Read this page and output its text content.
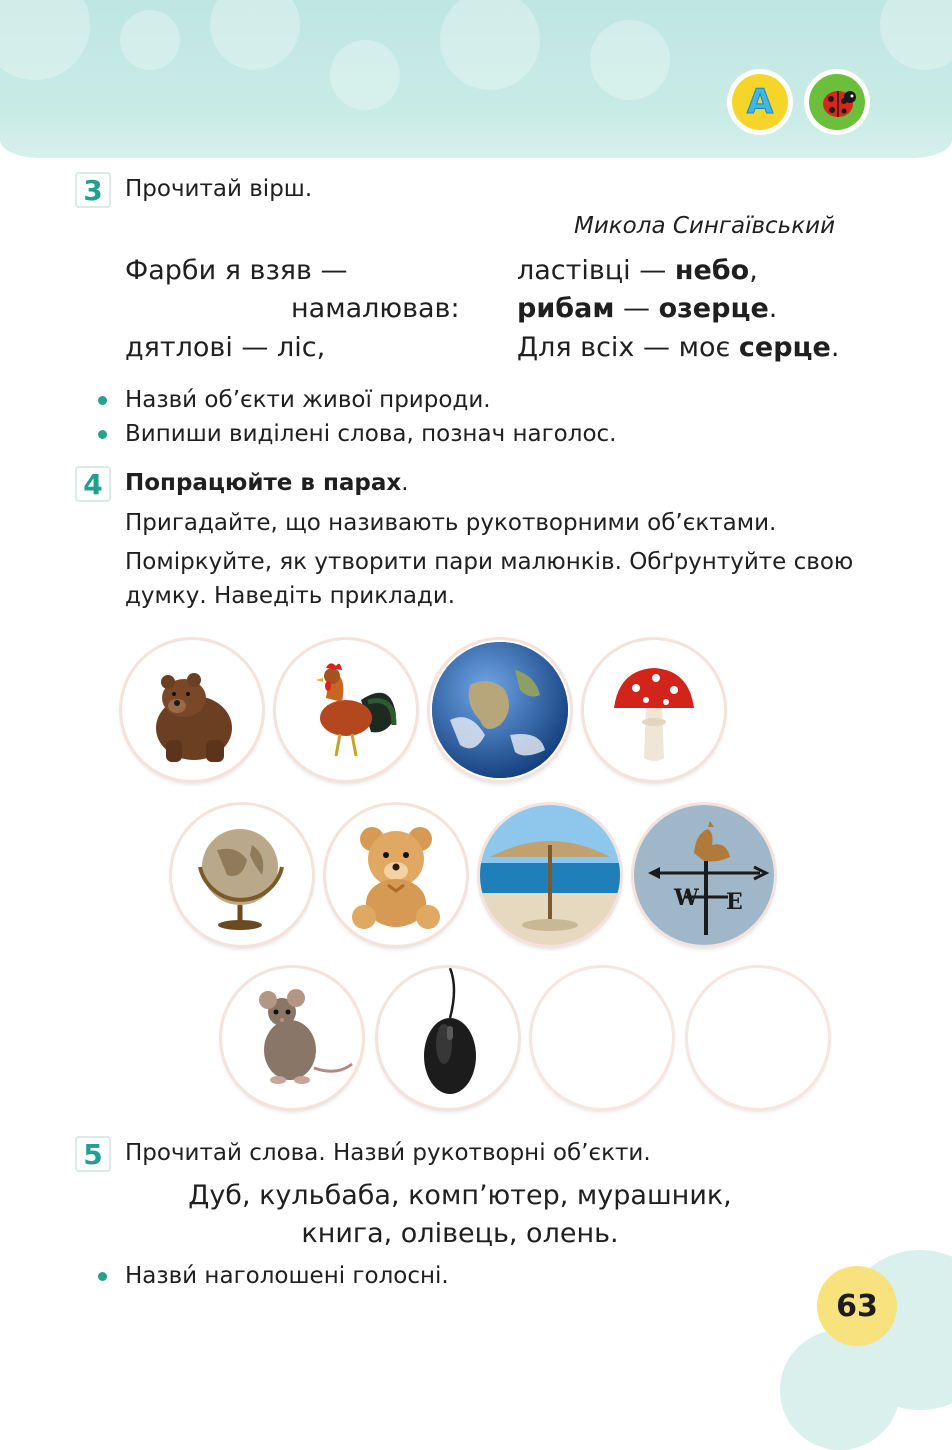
A
3 Прочитай вірш.
Микола Сингаївський
Фарби я взяв —
намалював:
дятлові — ліс,
ластівці — небо,
рибам — озерце.
Для всіх — моє серце.
Назви́ об’єкти живої природи.
Випиши виділені слова, познач наголос.
4 Попрацюйте в парах.
Пригадайте, що називають рукотворними об’єктами.
Поміркуйте, як утворити пари малюнків. Обґрунтуйте свою
думку. Наведіть приклади.
W E
5 Прочитай слова. Назви́ рукотворні об’єкти.
Дуб, кульбаба, комп’ютер, мурашник,
книга, олівець, олень.
Назви́ наголошені голосні.
63
